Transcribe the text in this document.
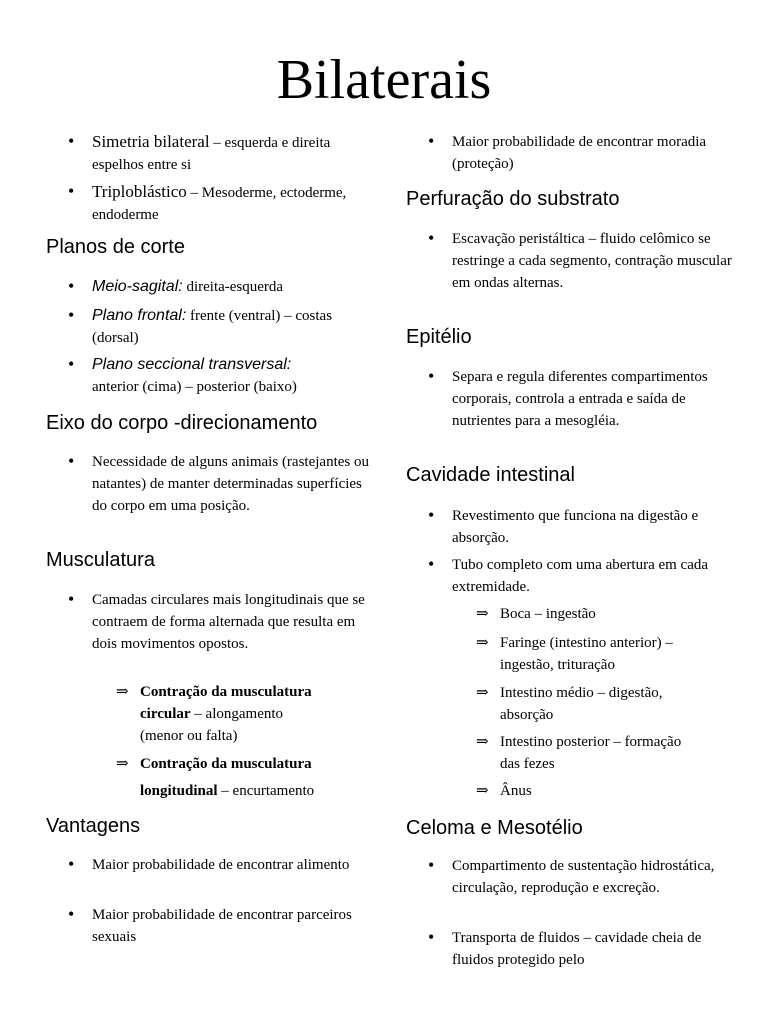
Bilaterais
• Simetria bilateral – esquerda e direita espelhos entre si
• Triploblástico – Mesoderme, ectoderme, endoderme
Planos de corte
• Meio-sagital: direita-esquerda
• Plano frontal: frente (ventral) – costas (dorsal)
• Plano seccional transversal:
anterior (cima) – posterior (baixo)
Eixo do corpo -direcionamento
• Necessidade de alguns animais (rastejantes ou natantes) de manter determinadas superfícies do corpo em uma posição.
Musculatura
• Camadas circulares mais longitudinais que se contraem de forma alternada que resulta em dois movimentos opostos.
⇒ Contração da musculatura
circular – alongamento
(menor ou falta)
⇒ Contração da musculatura
longitudinal – encurtamento
Vantagens
• Maior probabilidade de encontrar alimento
• Maior probabilidade de encontrar parceiros sexuais
• Maior probabilidade de encontrar moradia (proteção)
Perfuração do substrato
• Escavação peristáltica – fluido celômico se restringe a cada segmento, contração muscular em ondas alternas.
Epitélio
• Separa e regula diferentes compartimentos corporais, controla a entrada e saída de nutrientes para a mesogléia.
Cavidade intestinal
• Revestimento que funciona na digestão e absorção.
• Tubo completo com uma abertura em cada extremidade.
⇒ Boca – ingestão
⇒ Faringe (intestino anterior) –
ingestão, trituração
⇒ Intestino médio – digestão,
absorção
⇒ Intestino posterior – formação
das fezes
⇒ Ânus
Celoma e Mesotélio
• Compartimento de sustentação hidrostática, circulação, reprodução e excreção.
• Transporta de fluidos – cavidade cheia de fluidos protegido pelo
